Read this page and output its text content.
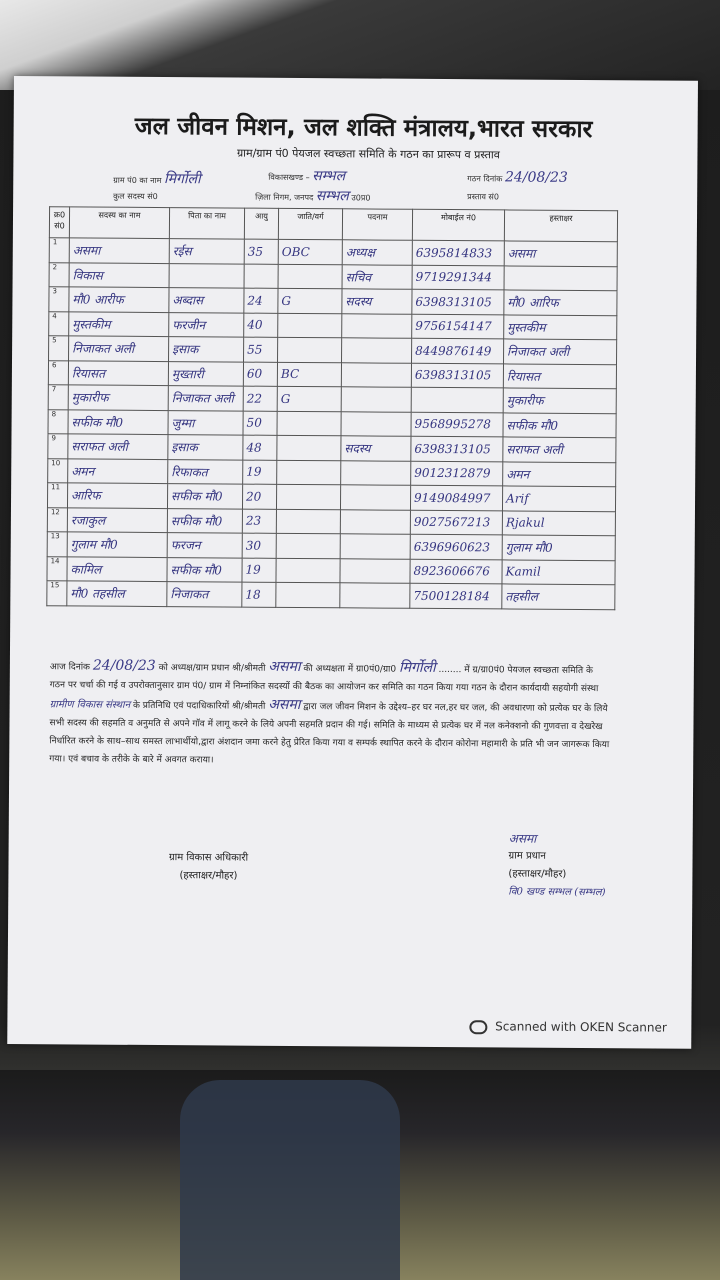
जल जीवन मिशन, जल शक्ति मंत्रालय,भारत सरकार
ग्राम/ग्राम पं0 पेयजल स्वच्छता समिति के गठन का प्रारूप व प्रस्ताव
ग्राम पं0 का नाम मिर्गोली	विकासखण्ड – सम्भल	गठन दिनांक 24/08/23
कुल सदस्य सं0	ज़िला निगम, जनपद सम्भल उ0प्र0	प्रस्ताव सं0
क्र0 सं0	सदस्य का नाम	पिता का नाम	आयु	जाति/वर्ग	पदनाम	मोबाईल नं0	हस्ताक्षर
1	असमा	रईस	35	OBC	अध्यक्ष	6395814833	असमा
2	विकास				सचिव	9719291344	
3	मौ0 आरीफ	अब्दास	24	G	सदस्य	6398313105	मौ0 आरिफ
4	मुस्तकीम	फरजीन	40			9756154147	मुस्तकीम
5	निजाकत अली	इसाक	55			8449876149	निजाकत अली
6	रियासत	मुख्तारी	60	BC		6398313105	रियासत
7	मुकारीफ	निजाकत अली	22	G			मुकारीफ
8	सफीक मौ0	जुम्मा	50			9568995278	सफीक मौ0
9	सराफत अली	इसाक	48		सदस्य	6398313105	सराफत अली
10	अमन	रिफाकत	19			9012312879	अमन
11	आरिफ	सफीक मौ0	20			9149084997	Arif
12	रजाकुल	सफीक मौ0	23			9027567213	Rjakul
13	गुलाम मौ0	फरजन	30			6396960623	गुलाम मौ0
14	कामिल	सफीक मौ0	19			8923606676	Kamil
15	मौ0 तहसील	निजाकत	18			7500128184	तहसील
आज दिनांक 24/08/23 को अध्यक्ष/ग्राम प्रधान श्री/श्रीमती असमा की अध्यक्षता में ग्रा0पं0/ग्रा0 मिर्गोली ........ में ग्र/ग्रा0पं0 पेयजल स्वच्छता समिति के गठन पर चर्चा की गई व उपरोक्तानुसार ग्राम पं0/ ग्राम में निम्नांकित सदस्यों की बैठक का आयोजन कर समिति का गठन किया गया गठन के दौरान कार्यदायी सहयोगी संस्था ग्रामीण विकास संस्थान के प्रतिनिधि एवं पदाधिकारियों श्री/श्रीमती असमा द्वारा जल जीवन मिशन के उद्देश्य–हर घर नल,हर घर जल, की अवधारणा को प्रत्येक घर के लिये सभी सदस्य की सहमति व अनुमति से अपने गॉव में लागू करने के लिये अपनी सहमति प्रदान की गई। समिति के माध्यम से प्रत्येक घर में नल कनेक्शनो की गुणवत्ता व देखरेख निर्धारित करने के साथ–साथ समस्त लाभार्थीयो,द्वारा अंशदान जमा करने हेतु प्रेरित किया गया व सम्पर्क स्थापित करने के दौरान कोरोना महामारी के प्रति भी जन जागरूक किया गया। एवं बचाव के तरीके के बारे में अवगत कराया।
ग्राम विकास अधिकारी
(हस्ताक्षर/मौहर)
असमा
ग्राम प्रधान
(हस्ताक्षर/मौहर)
वि0 खण्ड सम्भल (सम्भल)
Scanned with OKEN Scanner
